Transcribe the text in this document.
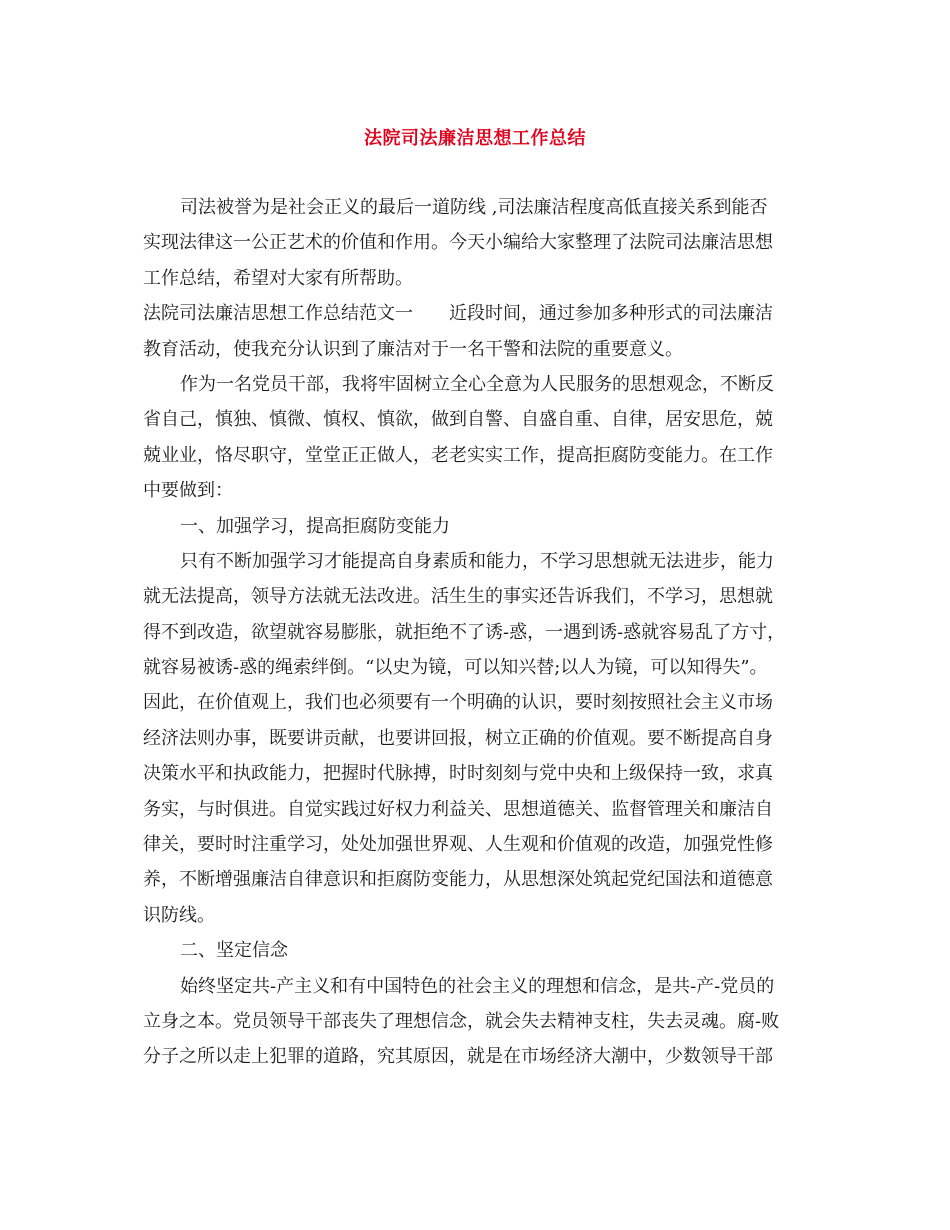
法院司法廉洁思想工作总结
司法被誉为是社会正义的最后一道防线 ,司法廉洁程度高低直接关系到能否
实现法律这一公正艺术的价值和作用。今天小编给大家整理了法院司法廉洁思想
工作总结，希望对大家有所帮助。
法院司法廉洁思想工作总结范文一 近段时间，通过参加多种形式的司法廉洁
教育活动，使我充分认识到了廉洁对于一名干警和法院的重要意义。
作为一名党员干部，我将牢固树立全心全意为人民服务的思想观念，不断反
省自己，慎独、慎微、慎权、慎欲，做到自警、自盛自重、自律，居安思危，兢
兢业业，恪尽职守，堂堂正正做人，老老实实工作，提高拒腐防变能力。在工作
中要做到：
一、加强学习，提高拒腐防变能力
只有不断加强学习才能提高自身素质和能力，不学习思想就无法进步，能力
就无法提高，领导方法就无法改进。活生生的事实还告诉我们，不学习，思想就
得不到改造，欲望就容易膨胀，就拒绝不了诱-惑，一遇到诱-惑就容易乱了方寸，
就容易被诱-惑的绳索绊倒。“以史为镜，可以知兴替;以人为镜，可以知得失”。
因此，在价值观上，我们也必须要有一个明确的认识，要时刻按照社会主义市场
经济法则办事，既要讲贡献，也要讲回报，树立正确的价值观。要不断提高自身
决策水平和执政能力，把握时代脉搏，时时刻刻与党中央和上级保持一致，求真
务实，与时俱进。自觉实践过好权力利益关、思想道德关、监督管理关和廉洁自
律关，要时时注重学习，处处加强世界观、人生观和价值观的改造，加强党性修
养，不断增强廉洁自律意识和拒腐防变能力，从思想深处筑起党纪国法和道德意
识防线。
二、坚定信念
始终坚定共-产主义和有中国特色的社会主义的理想和信念，是共-产-党员的
立身之本。党员领导干部丧失了理想信念，就会失去精神支柱，失去灵魂。腐-败
分子之所以走上犯罪的道路，究其原因，就是在市场经济大潮中，少数领导干部
